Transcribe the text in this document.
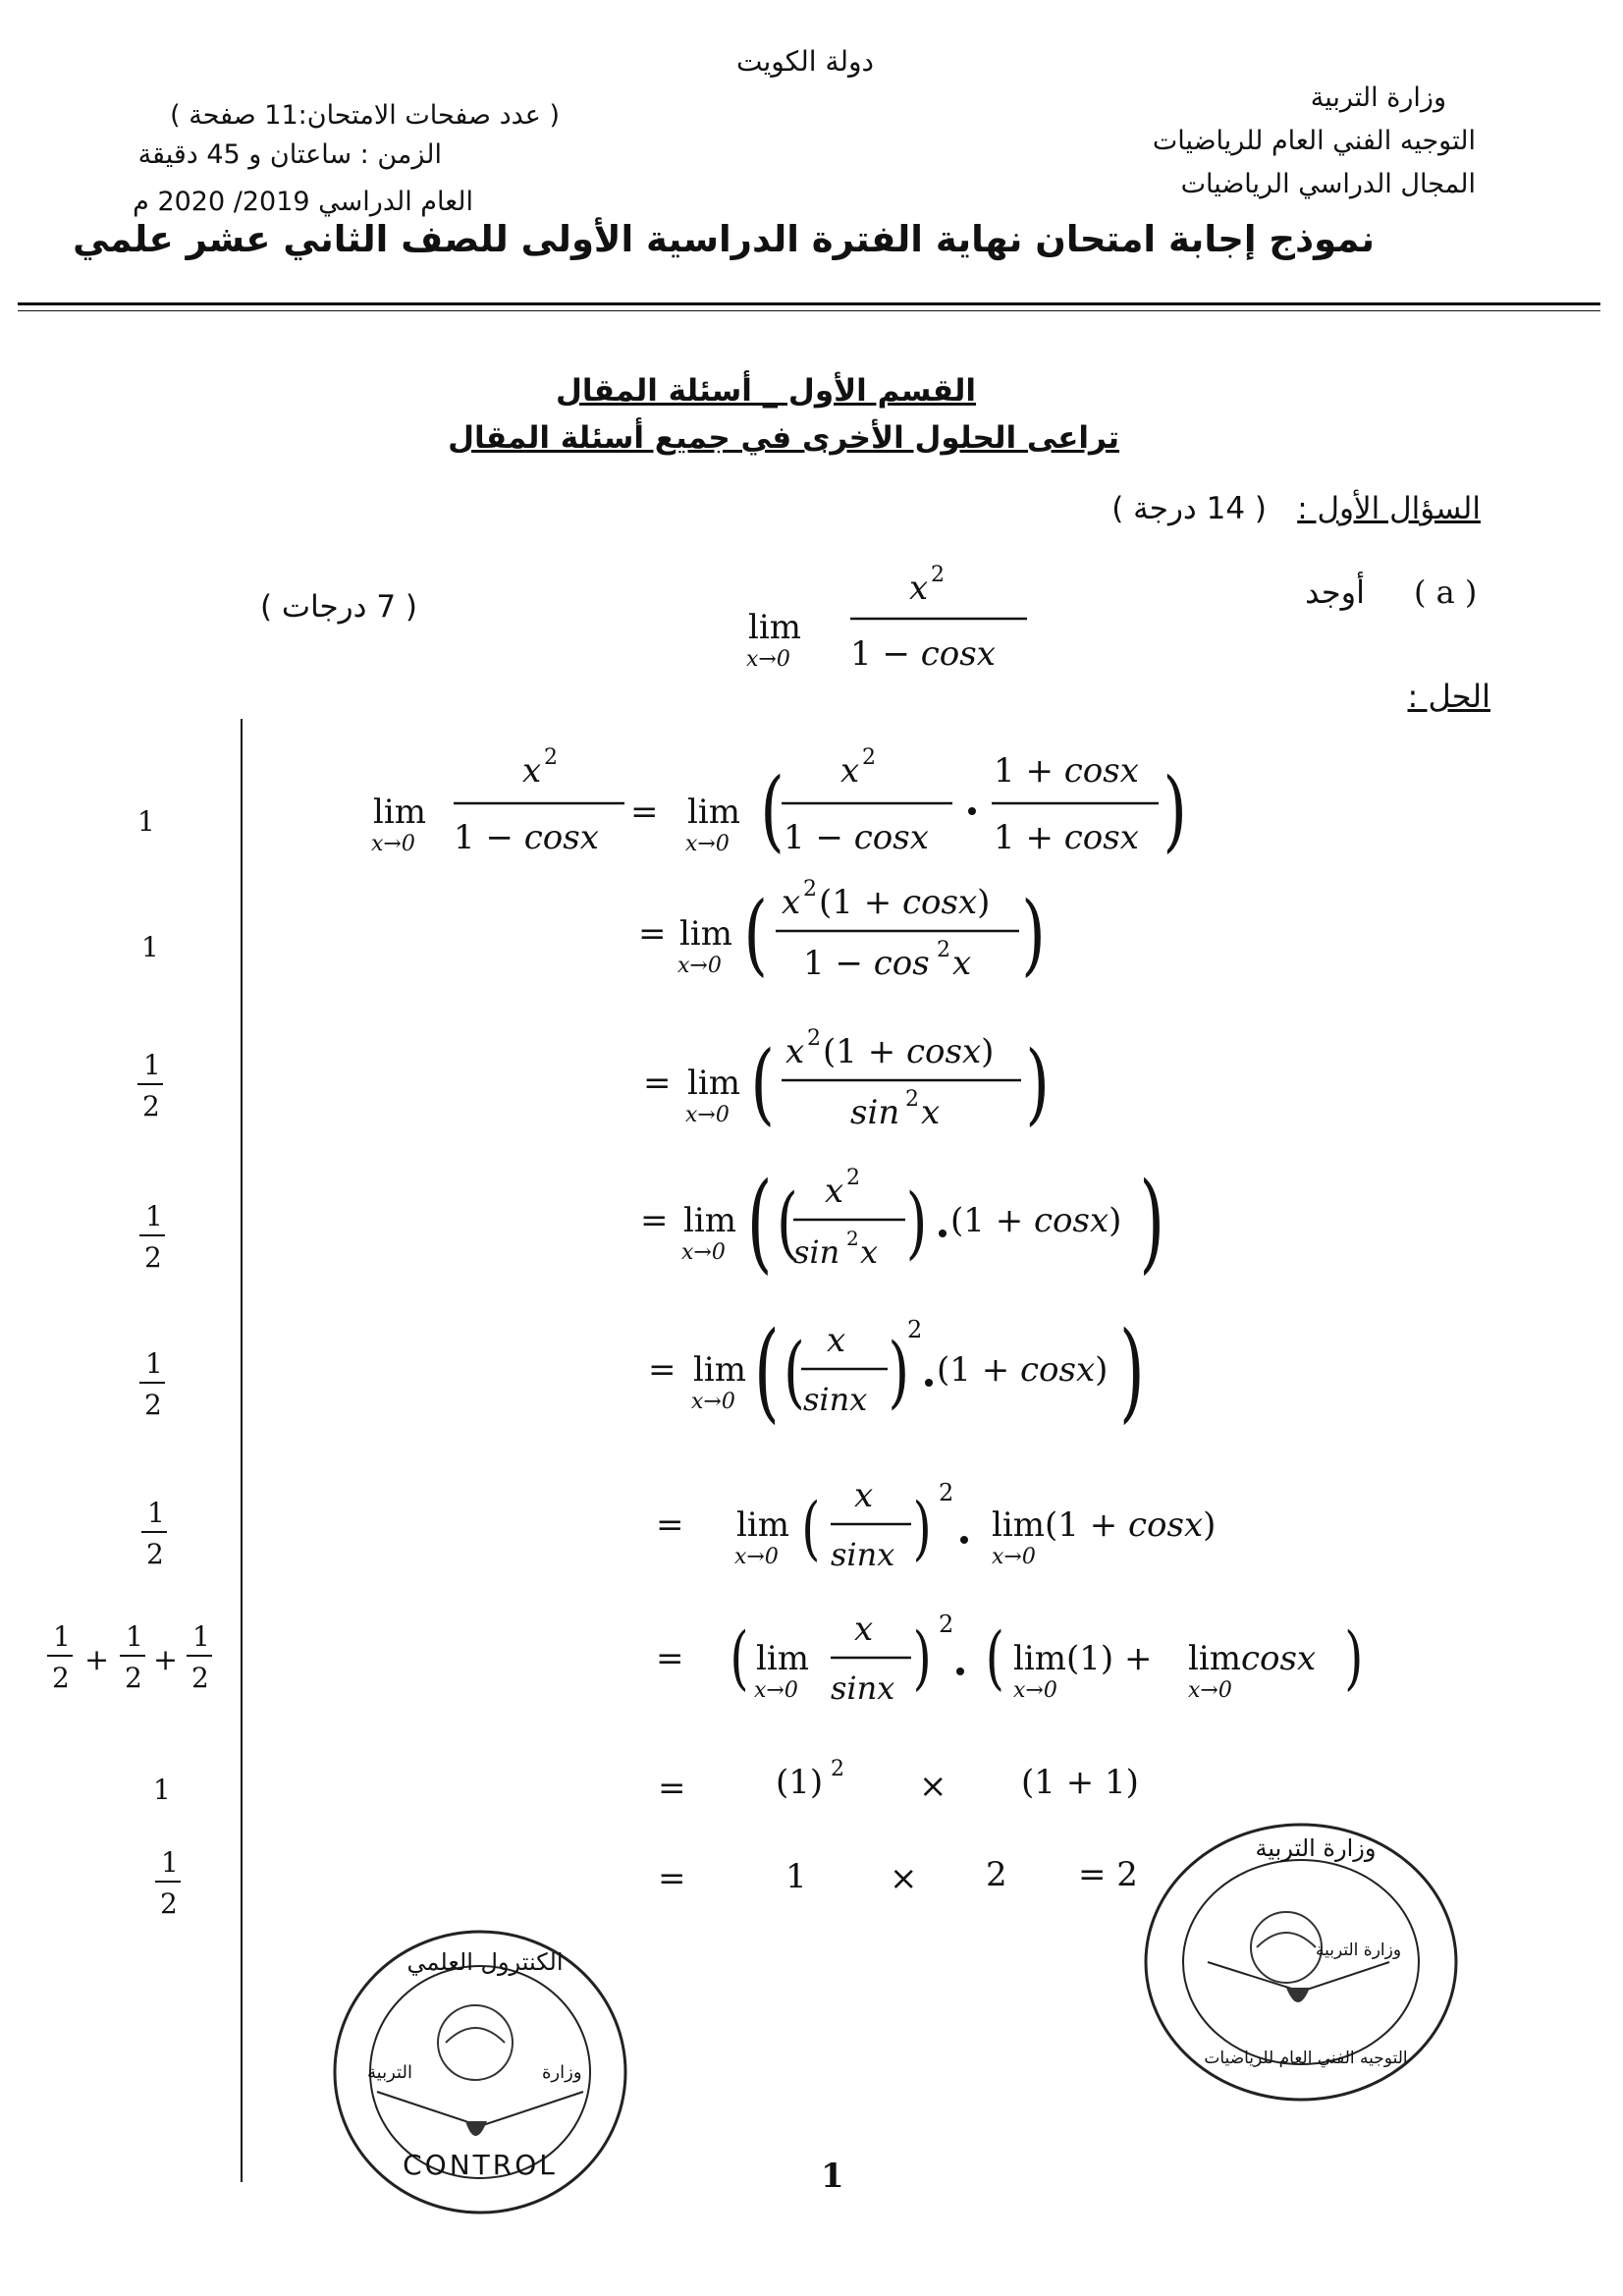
دولة الكويت
وزارة التربية
التوجيه الفني العام للرياضيات
المجال الدراسي الرياضيات
( عدد صفحات الامتحان:11 صفحة )
الزمن : ساعتان و 45 دقيقة
العام الدراسي 2019/ 2020 م
نموذج إجابة امتحان نهاية الفترة الدراسية الأولى للصف الثاني عشر علمي
القسم الأول _ أسئلة المقال
تراعى الحلول الأخرى في جميع أسئلة المقال
السؤال الأول :
( 14 درجة )
( a )
أوجد
( 7 درجات )
الحل :
lim
x→0
x 2
1 − cosx
lim
x→0
x 2
1 − cosx
= lim
x→0 ( x 2
1 − cosx
1 + cosx
1 + cosx )
= lim
x→0 ( x 2 (1 + cosx)
1 − cos 2 x )
= lim
x→0 ( x 2 (1 + cosx)
sin 2 x )
= lim
x→0 ( ( x 2
sin 2 x ) (1 + cosx) )
= lim
x→0 ( ( x
sinx )
2
(1 + cosx) )
= lim
x→0 ( x
sinx ) 2
lim(1 + cosx)
x→0
= ( lim
x→0
x
sinx ) 2 ( lim(1) +
x→0
limcosx
x→0 )
=	(1) 2 × (1 + 1)
=	1 × 2 = 2
1
1
1
2
1
2
1
2
1
2
1
2
+
1
2
+
1
2
1
1
2
الكنترول العلمي
وزارة
التربية
CONTROL
وزارة التربية
وزارة التربية
التوجيه الفني العام للرياضيات
1
